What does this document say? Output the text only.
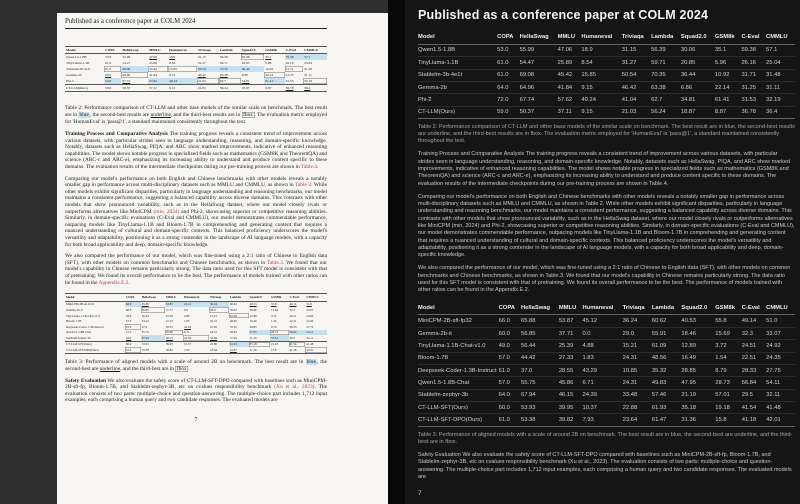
Published as a conference paper at COLM 2024
Model	COPA	HellaSwag	MMLU	Humaneval	Triviaqa	Lambda	Squad2.0	GSM8k	C-Eval	CMMLU
Qwen1.5-1.8B	53.0	55.99	47.06	18.9	31.15	56.39	30.06	35.1	59.38	57.1
TinyLlama-1.1B	61.0	54.47	25.89	8.54	31.27	59.71	20.85	5.96	26.16	25.04
Stablelm-3b-4e1t	61.0	69.08	45.42	15.85	50.54	70.35	36.44	10.92	31.71	31.48
Gemma-2b	64.0	64.96	41.84	9.15	46.42	63.38	6.86	22.14	31.25	31.11
Phi-2	72.0	67.74	57.62	40.24	41.04	62.7	34.81	61.41	31.53	32.19
CT-LLM(Ours)	59.0	50.37	37.11	9.15	21.03	56.24	18.87	8.87	36.78	36.4

Table 2: Performance comparison of CT-LLM and other base models of the similar scale on benchmark. The best result are in blue, the second-best results are underline, and the third-best results are in fbox . The evaluation metric employed for 'HumanEval' is 'pass@1', a standard maintained consistently throughout the text.

Training Process and Comparative Analysis The training progress reveals a consistent trend of improvement across various datasets, with particular strides seen in language understanding, reasoning, and domain-specific knowledge. Notably, datasets such as HellaSwag, PIQA, and ARC show marked improvements, indicative of enhanced reasoning capabilities. The model shows notable progress in specialized fields such as mathematics (GSM8K and TheoremQA) and science (ARC-c and ARC-e), emphasizing its increasing ability to understand and produce content specific to these domains. The evaluation results of the intermediate checkpoints during our pre-training process are shown in Table.4.

Comparing our model's performance on both English and Chinese benchmarks with other models reveals a notably smaller gap in performance across multi-disciplinary datasets such as MMLU and CMMLU, as shown in Table 2. While other models exhibit significant disparities, particularly in language understanding and reasoning benchmarks, our model maintains a consistent performance, suggesting a balanced capability across diverse domains. This contrasts with other models that show pronounced variability, such as in the HellaSwag dataset, where our model closely rivals or outperforms alternatives like MiniCPM (min, 2024) and Phi-2, showcasing superior or competitive reasoning abilities. Similarly, in domain-specific evaluations (C-Eval and CMMLU), our model demonstrates commendable performance, outpacing models like TinyLlama-1.1B and Bloom-1.7B in comprehending and generating content that requires a nuanced understanding of cultural and domain-specific contexts. This balanced proficiency underscores the model's versatility and adaptability, positioning it as a strong contender in the landscape of AI language models, with a capacity for both broad applicability and deep, domain-specific knowledge.

We also compared the performance of our model, which was fine-tuned using a 2:1 ratio of Chinese to English data (SFT), with other models on common benchmarks and Chinese benchmarks, as shown in Table.3. We found that our model's capability in Chinese remains particularly strong. The data ratio used for this SFT model is consistent with that of pretraining. We found its overall performance to be the best. The performance of models trained with other ratios can be found in the Appendix.E.2.

Model	COPA	HellaSwag	MMLU	Humaneval	Triviaqa	Lambda	Squad2.0	GSM8k	C-Eval	CMMLU
MiniCPM-2B-sft-fp32	66.0	65.88	53.87	45.12	36.24	60.62	40.53	55.8	49.14	51.0
Gemma-2b-it	60.0	56.85	37.71	0.0	29.0	55.91	18.46	15.69	32.3	33.07
TinyLlama-1.1B-Chat-v1.0	49.0	56.44	25.39	4.88	15.21	61.09	12.89	3.72	24.51	24.92
Bloom-1.7B	57.0	44.42	27.33	1.83	24.31	48.56	16.49	1.54	22.51	24.35
Deepseek-Coder-1.3B-Instruct	61.0	37.0	28.55	43.29	10.85	35.32	28.85	8.79	28.33	27.75
Qwen1.5-1.8B-Chat	57.0	55.75	45.86	6.71	24.31	49.83	47.95	28.73	56.84	54.11
Stablelm-zephyr-3b	64.0	67.94	46.15	24.39	33.48	57.46	21.19	57.01	29.5	32.11
CT-LLM-SFT(Ours)	60.0	53.93	39.95	10.37	22.88	61.93	35.18	19.18	41.54	41.48
CT-LLM-SFT-DPO(Ours)	61.0	53.38	39.82	7.93	23.64	61.47	31.36	15.8	41.18	42.01

Table 3: Performance of aligned models with a scale of around 2B on benchmark. The best result are in blue, the second-best are underline, and the third-best are in fbox .

Safety Evaluation We also evaluate the safety score of CT-LLM-SFT-DPO compared with baselines such as MiniCPM-2B-sft-fp, Bloom-1.7B, and Stablelm-zephyr-3B, etc on cvalues responsibility benchmark (Xu et al., 2023). The evaluation consists of two parts: multiple-choice and question-answering. The multiple-choice part includes 1,712 input examples, each comprising a human query and two candidate responses. The evaluated models are

7
Published as a conference paper at COLM 2024
Model	COPA	HellaSwag	MMLU	Humaneval	Triviaqa	Lambda	Squad2.0	GSM8k	C-Eval	CMMLU
Qwen1.5-1.8B	53.0	55.99	47.06	18.9	31.15	56.39	30.06	35.1	59.38	57.1
TinyLlama-1.1B	61.0	54.47	25.89	8.54	31.27	59.71	20.85	5.96	26.16	25.04
Stablelm-3b-4e1t	61.0	69.08	45.42	15.85	50.54	70.35	36.44	10.92	31.71	31.48
Gemma-2b	64.0	64.96	41.84	9.15	46.42	63.38	6.86	22.14	31.25	31.11
Phi-2	72.0	67.74	57.62	40.24	41.04	62.7	34.81	61.41	31.53	32.19
CT-LLM(Ours)	59.0	50.37	37.11	9.15	21.03	56.24	18.87	8.87	36.78	36.4

Table 2: Performance comparison of CT-LLM and other base models of the similar scale on benchmark. The best result are in blue, the second-best results are underline, and the third-best results are in fbox. The evaluation metric employed for 'HumanEval' is 'pass@1', a standard maintained consistently throughout the text.

Training Process and Comparative Analysis The training progress reveals a consistent trend of improvement across various datasets, with particular strides seen in language understanding, reasoning, and domain-specific knowledge. Notably, datasets such as HellaSwag, PIQA, and ARC show marked improvements, indicative of enhanced reasoning capabilities. The model shows notable progress in specialized fields such as mathematics (GSM8K and TheoremQA) and science (ARC-c and ARC-e), emphasizing its increasing ability to understand and produce content specific to these domains. The evaluation results of the intermediate checkpoints during our pre-training process are shown in Table.4.

Comparing our model's performance on both English and Chinese benchmarks with other models reveals a notably smaller gap in performance across multi-disciplinary datasets such as MMLU and CMMLU, as shown in Table 2. While other models exhibit significant disparities, particularly in language understanding and reasoning benchmarks, our model maintains a consistent performance, suggesting a balanced capability across diverse domains. This contrasts with other models that show pronounced variability, such as in the HellaSwag dataset, where our model closely rivals or outperforms alternatives like MiniCPM (min, 2024) and Phi-2, showcasing superior or competitive reasoning abilities. Similarly, in domain-specific evaluations (C-Eval and CMMLU), our model demonstrates commendable performance, outpacing models like TinyLlama-1.1B and Bloom-1.7B in comprehending and generating content that requires a nuanced understanding of cultural and domain-specific contexts. This balanced proficiency underscores the model's versatility and adaptability, positioning it as a strong contender in the landscape of AI language models, with a capacity for both broad applicability and deep, domain-specific knowledge.

We also compared the performance of our model, which was fine-tuned using a 2:1 ratio of Chinese to English data (SFT), with other models on common benchmarks and Chinese benchmarks, as shown in Table.3. We found that our model's capability in Chinese remains particularly strong. The data ratio used for this SFT model is consistent with that of pretraining. We found its overall performance to be the best. The performance of models trained with other ratios can be found in the Appendix.E.2.

Model	COPA	HellaSwag	MMLU	Humaneval	Triviaqa	Lambda	Squad2.0	GSM8k	C-Eval	CMMLU
MiniCPM-2B-sft-fp32	66.0	65.88	53.87	45.12	36.24	60.62	40.53	55.8	49.14	51.0
Gemma-2b-it	60.0	56.85	37.71	0.0	29.0	55.91	18.46	15.69	32.3	33.07
TinyLlama-1.1B-Chat-v1.0	49.0	56.44	25.39	4.88	15.21	61.09	12.89	3.72	24.51	24.92
Bloom-1.7B	57.0	44.42	27.33	1.83	24.31	48.56	16.49	1.54	22.51	24.35
Deepseek-Coder-1.3B-Instruct	61.0	37.0	28.55	43.29	10.85	35.32	28.85	8.79	28.33	27.75
Qwen1.5-1.8B-Chat	57.0	55.75	45.86	6.71	24.31	49.83	47.95	28.73	56.84	54.11
Stablelm-zephyr-3b	64.0	67.94	46.15	24.39	33.48	57.46	21.19	57.01	29.5	32.11
CT-LLM-SFT(Ours)	60.0	53.93	39.95	10.37	22.88	61.93	35.18	19.18	41.54	41.48
CT-LLM-SFT-DPO(Ours)	61.0	53.38	39.82	7.93	23.64	61.47	31.36	15.8	41.18	42.01

Table 3: Performance of aligned models with a scale of around 2B on benchmark. The best result are in blue, the second-best are underline, and the third-best are in fbox.

Safety Evaluation We also evaluate the safety score of CT-LLM-SFT-DPO compared with baselines such as MiniCPM-2B-sft-fp, Bloom-1.7B, and Stablelm-zephyr-3B, etc on cvalues responsibility benchmark (Xu et al., 2023). The evaluation consists of two parts: multiple-choice and question-answering. The multiple-choice part includes 1,712 input examples, each comprising a human query and two candidate responses. The evaluated models are

7
